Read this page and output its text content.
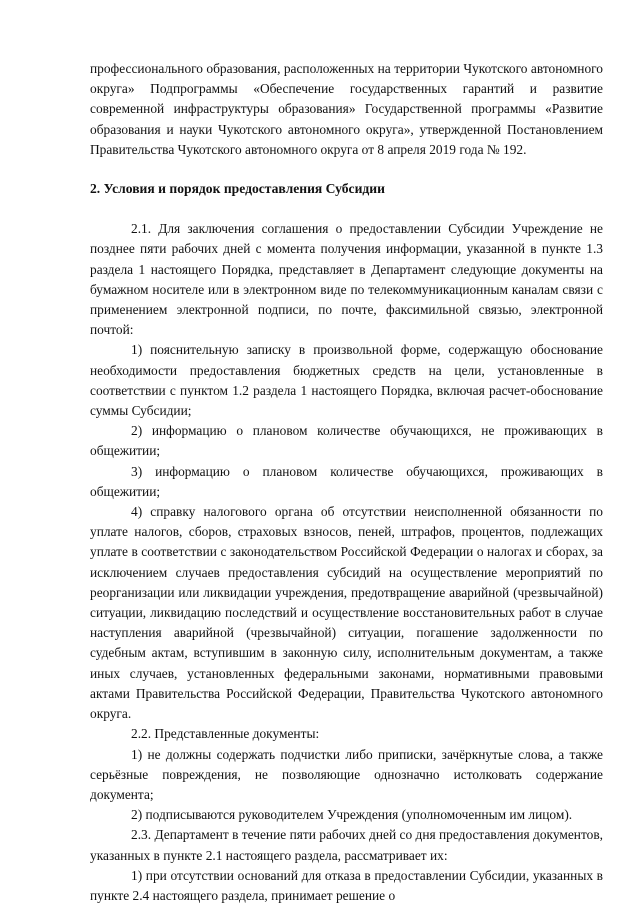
профессионального образования, расположенных на территории Чукотского автономного округа» Подпрограммы «Обеспечение государственных гарантий и развитие современной инфраструктуры образования» Государственной программы «Развитие образования и науки Чукотского автономного округа», утвержденной Постановлением Правительства Чукотского автономного округа от 8 апреля 2019 года № 192.

2. Условия и порядок предоставления Субсидии

2.1. Для заключения соглашения о предоставлении Субсидии Учреждение не позднее пяти рабочих дней с момента получения информации, указанной в пункте 1.3 раздела 1 настоящего Порядка, представляет в Департамент следующие документы на бумажном носителе или в электронном виде по телекоммуникационным каналам связи с применением электронной подписи, по почте, факсимильной связью, электронной почтой:

1) пояснительную записку в произвольной форме, содержащую обоснование необходимости предоставления бюджетных средств на цели, установленные в соответствии с пунктом 1.2 раздела 1 настоящего Порядка, включая расчет-обоснование суммы Субсидии;

2) информацию о плановом количестве обучающихся, не проживающих в общежитии;

3) информацию о плановом количестве обучающихся, проживающих в общежитии;

4) справку налогового органа об отсутствии неисполненной обязанности по уплате налогов, сборов, страховых взносов, пеней, штрафов, процентов, подлежащих уплате в соответствии с законодательством Российской Федерации о налогах и сборах, за исключением случаев предоставления субсидий на осуществление мероприятий по реорганизации или ликвидации учреждения, предотвращение аварийной (чрезвычайной) ситуации, ликвидацию последствий и осуществление восстановительных работ в случае наступления аварийной (чрезвычайной) ситуации, погашение задолженности по судебным актам, вступившим в законную силу, исполнительным документам, а также иных случаев, установленных федеральными законами, нормативными правовыми актами Правительства Российской Федерации, Правительства Чукотского автономного округа.

2.2. Представленные документы:

1) не должны содержать подчистки либо приписки, зачёркнутые слова, а также серьёзные повреждения, не позволяющие однозначно истолковать содержание документа;

2) подписываются руководителем Учреждения (уполномоченным им лицом).

2.3. Департамент в течение пяти рабочих дней со дня предоставления документов, указанных в пункте 2.1 настоящего раздела, рассматривает их:

1) при отсутствии оснований для отказа в предоставлении Субсидии, указанных в пункте 2.4 настоящего раздела, принимает решение о
